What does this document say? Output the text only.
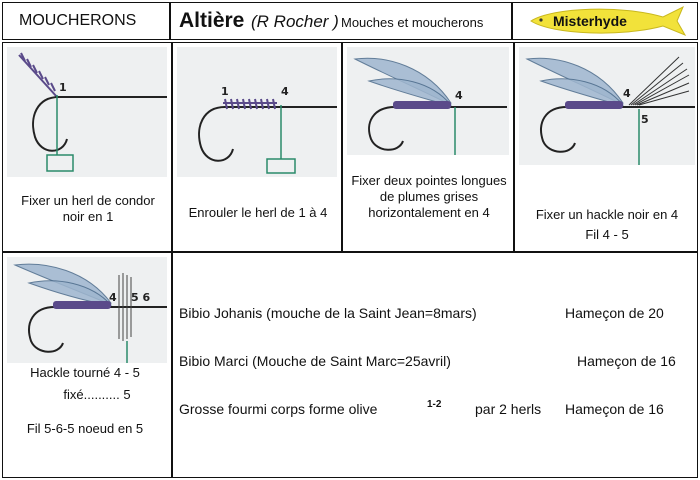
MOUCHERONS Altière (R Rocher ) Mouches et moucherons	Misterhyde
1
Fixer un herl de condor noir en 1
1	4
Enrouler le herl de 1 à 4
4
Fixer deux pointes longues de plumes grises horizontalement en 4
4
5
Fixer un hackle noir en 4
Fil 4 - 5
4 5 6
Hackle tourné 4 - 5
fixé.......... 5
Fil 5-6-5 noeud en 5
Bibio Johanis (mouche de la Saint Jean=8mars)	Hameçon de 20
Bibio Marci (Mouche de Saint Marc=25avril)	Hameçon de 16
Grosse fourmi corps forme olive	1-2 par 2 herls Hameçon de 16
